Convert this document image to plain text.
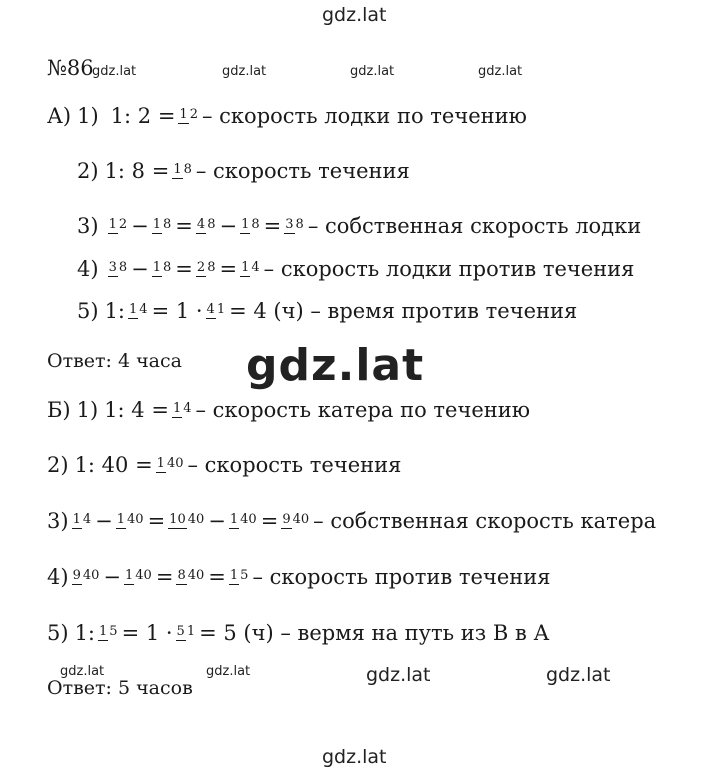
gdz.lat
gdz.lat	gdz.lat	gdz.lat	gdz.lat
gdz.lat
gdz.lat	gdz.lat	gdz.lat	gdz.lat
gdz.lat
№86
А) 1) 1: 2 = 1 2 – скорость лодки по течению
2) 1: 8 = 1 8 – скорость течения
3) 1 2 − 1 8 = 4 8 − 1 8 = 3 8 – собственная скорость лодки
4) 3 8 − 1 8 = 2 8 = 1 4 – скорость лодки против течения
5) 1: 1 4 = 1 · 4 1 = 4 (ч) – время против течения
Ответ: 4 часа
Б) 1) 1: 4 = 1 4 – скорость катера по течению
2) 1: 40 = 1 40 – скорость течения
3) 1 4 − 1 40 = 10 40 − 1 40 = 9 40 – собственная скорость катера
4) 9 40 − 1 40 = 8 40 = 1 5 – скорость против течения
5) 1: 1 5 = 1 · 5 1 = 5 (ч) – вермя на путь из В в А
Ответ: 5 часов
